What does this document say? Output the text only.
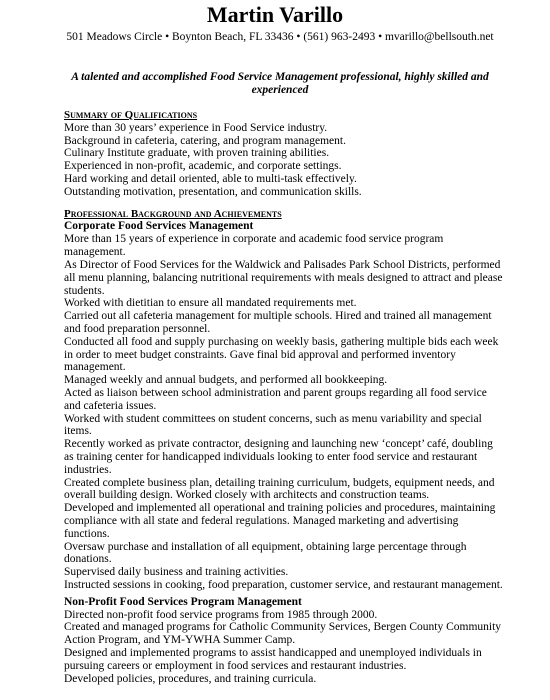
Martin Varillo
501 Meadows Circle • Boynton Beach, FL 33436 • (561) 963-2493 • mvarillo@bellsouth.net
A talented and accomplished Food Service Management professional, highly skilled and experienced
Summary of Qualifications
More than 30 years’ experience in Food Service industry.
Background in cafeteria, catering, and program management.
Culinary Institute graduate, with proven training abilities.
Experienced in non-profit, academic, and corporate settings.
Hard working and detail oriented, able to multi-task effectively.
Outstanding motivation, presentation, and communication skills.
Professional Background and Achievements
Corporate Food Services Management
More than 15 years of experience in corporate and academic food service program management.
As Director of Food Services for the Waldwick and Palisades Park School Districts, performed all menu planning, balancing nutritional requirements with meals designed to attract and please students.
Worked with dietitian to ensure all mandated requirements met.
Carried out all cafeteria management for multiple schools. Hired and trained all management and food preparation personnel.
Conducted all food and supply purchasing on weekly basis, gathering multiple bids each week in order to meet budget constraints. Gave final bid approval and performed inventory management.
Managed weekly and annual budgets, and performed all bookkeeping.
Acted as liaison between school administration and parent groups regarding all food service and cafeteria issues.
Worked with student committees on student concerns, such as menu variability and special items.
Recently worked as private contractor, designing and launching new ‘concept’ café, doubling as training center for handicapped individuals looking to enter food service and restaurant industries.
Created complete business plan, detailing training curriculum, budgets, equipment needs, and overall building design. Worked closely with architects and construction teams.
Developed and implemented all operational and training policies and procedures, maintaining compliance with all state and federal regulations. Managed marketing and advertising functions.
Oversaw purchase and installation of all equipment, obtaining large percentage through donations.
Supervised daily business and training activities.
Instructed sessions in cooking, food preparation, customer service, and restaurant management.
Non-Profit Food Services Program Management
Directed non-profit food service programs from 1985 through 2000.
Created and managed programs for Catholic Community Services, Bergen County Community Action Program, and YM-YWHA Summer Camp.
Designed and implemented programs to assist handicapped and unemployed individuals in pursuing careers or employment in food services and restaurant industries.
Developed policies, procedures, and training curricula.
